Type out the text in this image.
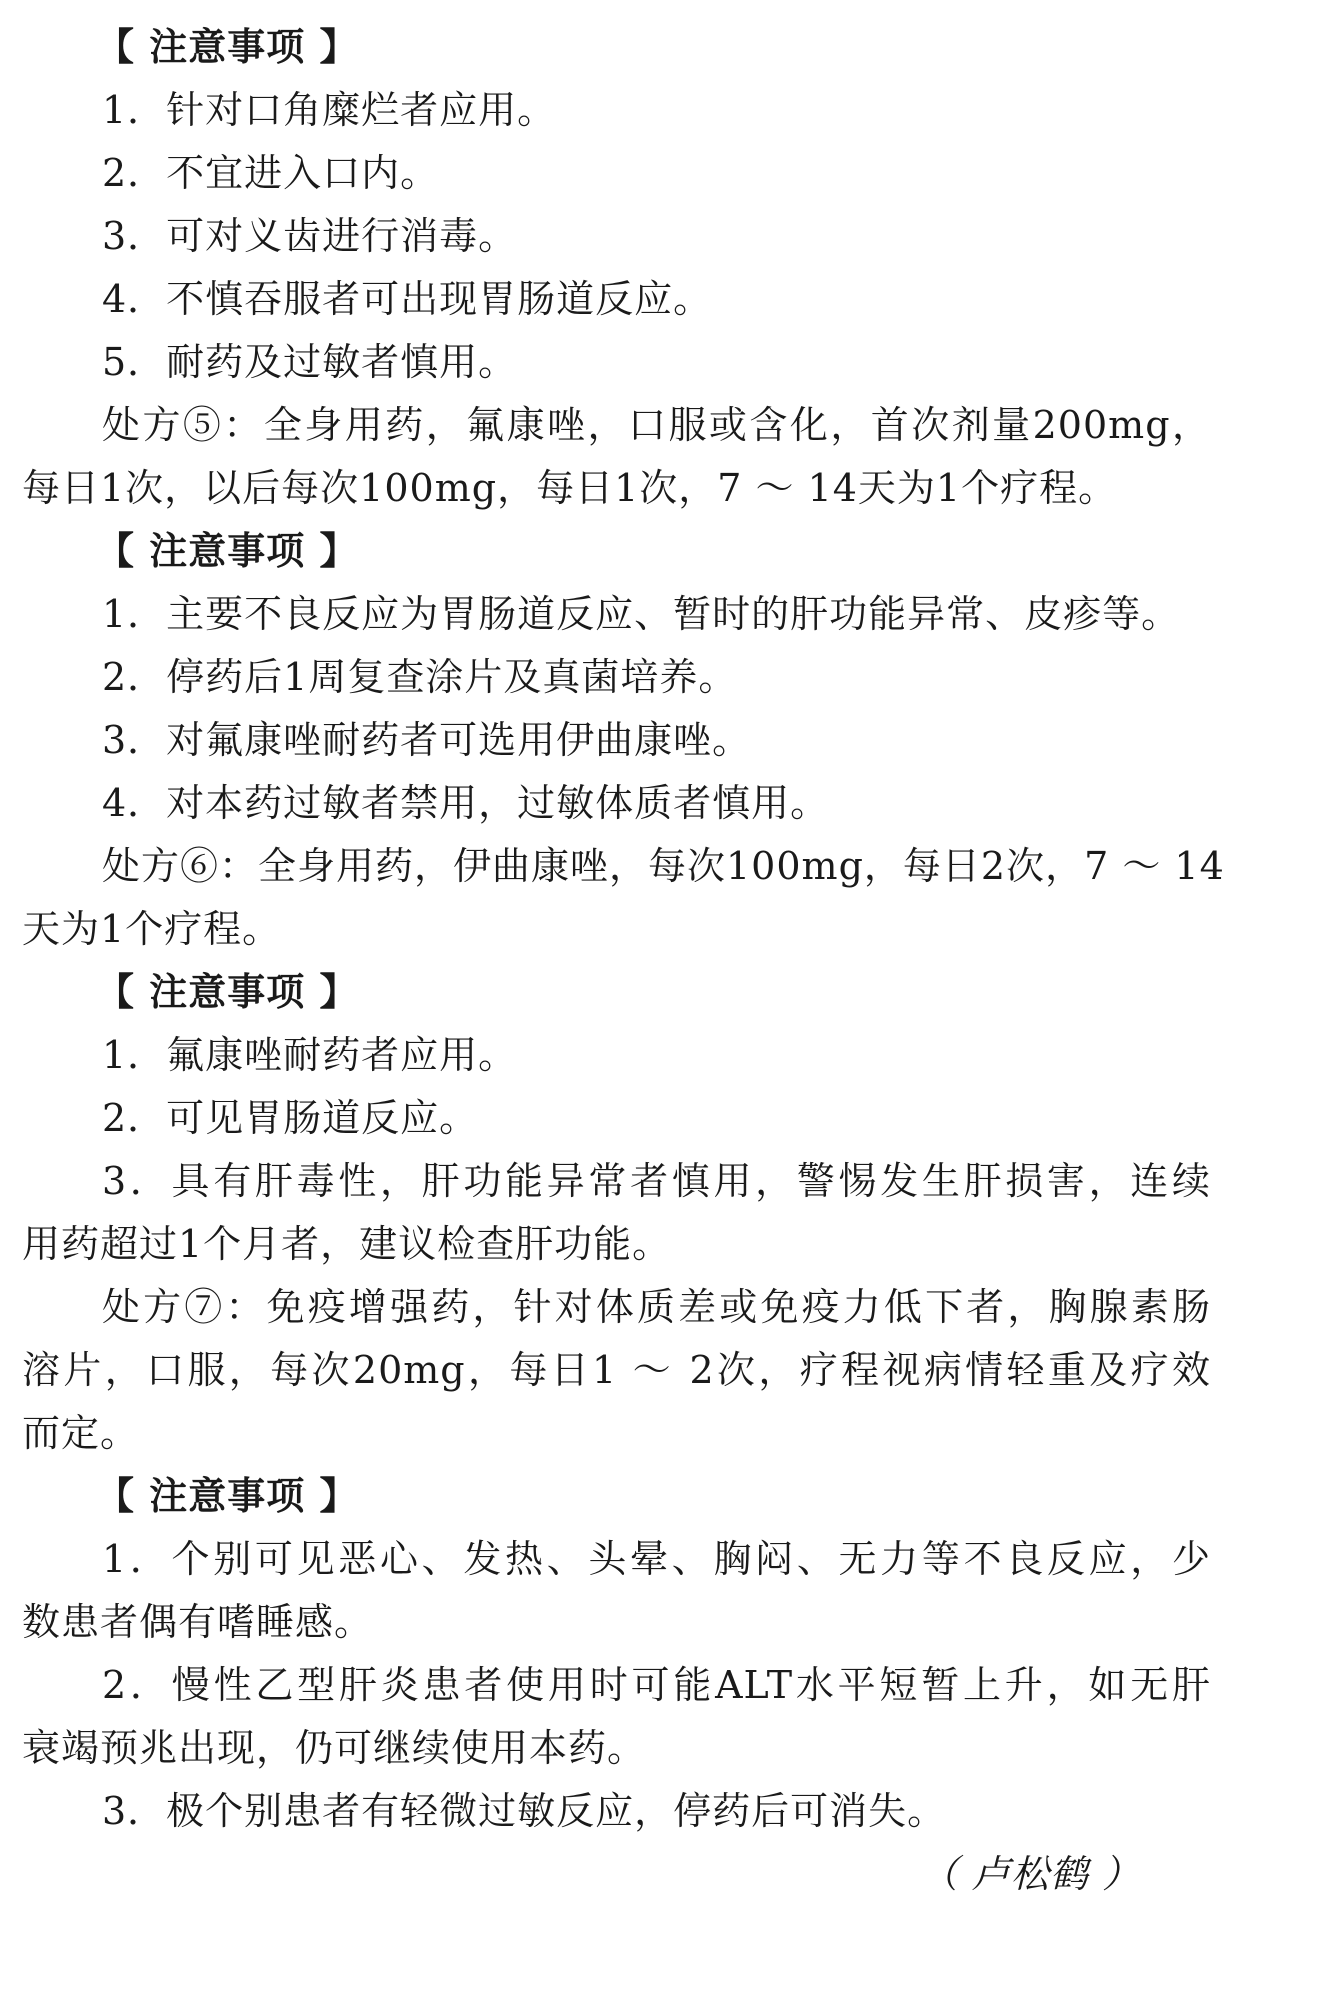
【 注意事项 】
1．针对口角糜烂者应用。
2．不宜进入口内。
3．可对义齿进行消毒。
4．不慎吞服者可出现胃肠道反应。
5．耐药及过敏者慎用。
处方⑤：全身用药，氟康唑，口服或含化，首次剂量200mg，
每日1次，以后每次100mg，每日1次，7 ～ 14天为1个疗程。
【 注意事项 】
1．主要不良反应为胃肠道反应、暂时的肝功能异常、皮疹等。
2．停药后1周复查涂片及真菌培养。
3．对氟康唑耐药者可选用伊曲康唑。
4．对本药过敏者禁用，过敏体质者慎用。
处方⑥：全身用药，伊曲康唑，每次100mg，每日2次，7 ～ 14
天为1个疗程。
【 注意事项 】
1．氟康唑耐药者应用。
2．可见胃肠道反应。
3．具有肝毒性，肝功能异常者慎用，警惕发生肝损害，连续
用药超过1个月者，建议检查肝功能。
处方⑦：免疫增强药，针对体质差或免疫力低下者，胸腺素肠
溶片，口服，每次20mg，每日1 ～ 2次，疗程视病情轻重及疗效
而定。
【 注意事项 】
1．个别可见恶心、发热、头晕、胸闷、无力等不良反应，少
数患者偶有嗜睡感。
2．慢性乙型肝炎患者使用时可能ALT水平短暂上升，如无肝
衰竭预兆出现，仍可继续使用本药。
3．极个别患者有轻微过敏反应，停药后可消失。
（ 卢松鹤 ）
